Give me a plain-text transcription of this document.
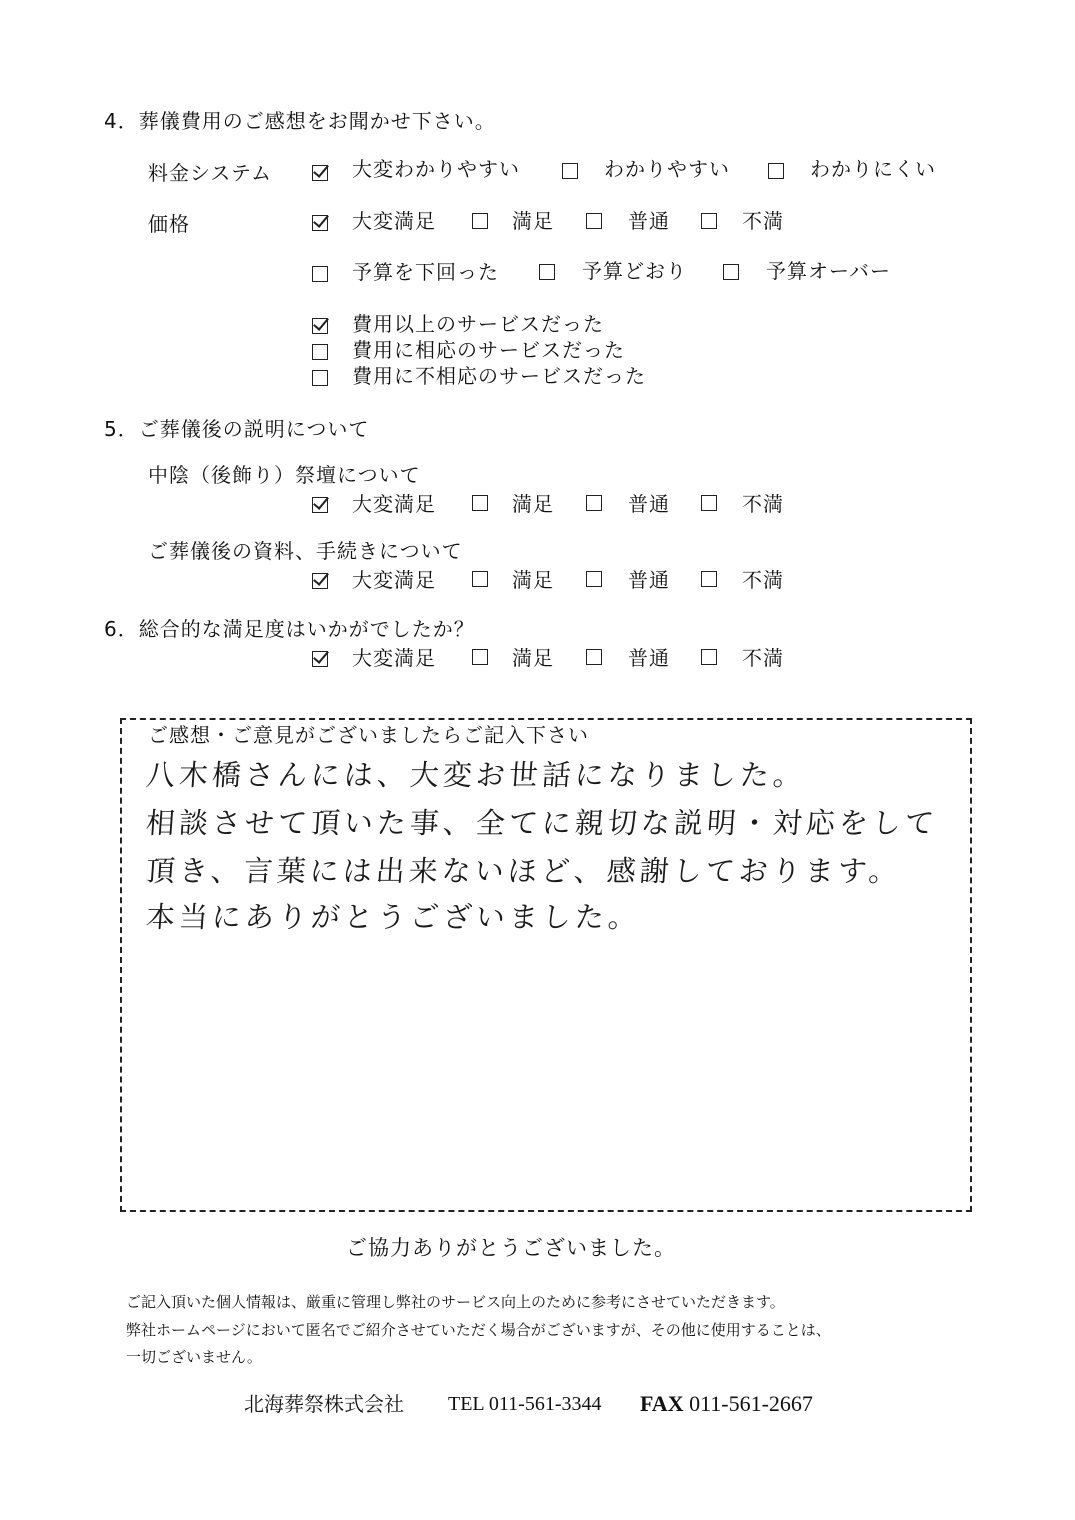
4．葬儀費用のご感想をお聞かせ下さい。
料金システム	大変わかりやすい	わかりやすい	わかりにくい
価格	大変満足	満足	普通	不満
予算を下回った	予算どおり	予算オーバー
費用以上のサービスだった
費用に相応のサービスだった
費用に不相応のサービスだった
5．ご葬儀後の説明について
中陰（後飾り）祭壇について
大変満足	満足	普通	不満
ご葬儀後の資料、手続きについて
大変満足	満足	普通	不満
6．総合的な満足度はいかがでしたか？
大変満足	満足	普通	不満
ご感想・ご意見がございましたらご記入下さい
八木橋さんには、大変お世話になりました。
相談させて頂いた事、全てに親切な説明・対応をして
頂き、言葉には出来ないほど、感謝しております。
本当にありがとうございました。
ご協力ありがとうございました。
ご記入頂いた個人情報は、厳重に管理し弊社のサービス向上のために参考にさせていただきます。
弊社ホームページにおいて匿名でご紹介させていただく場合がございますが、その他に使用することは、
一切ございません。
北海葬祭株式会社 TEL 011-561-3344 FAX 011-561-2667
